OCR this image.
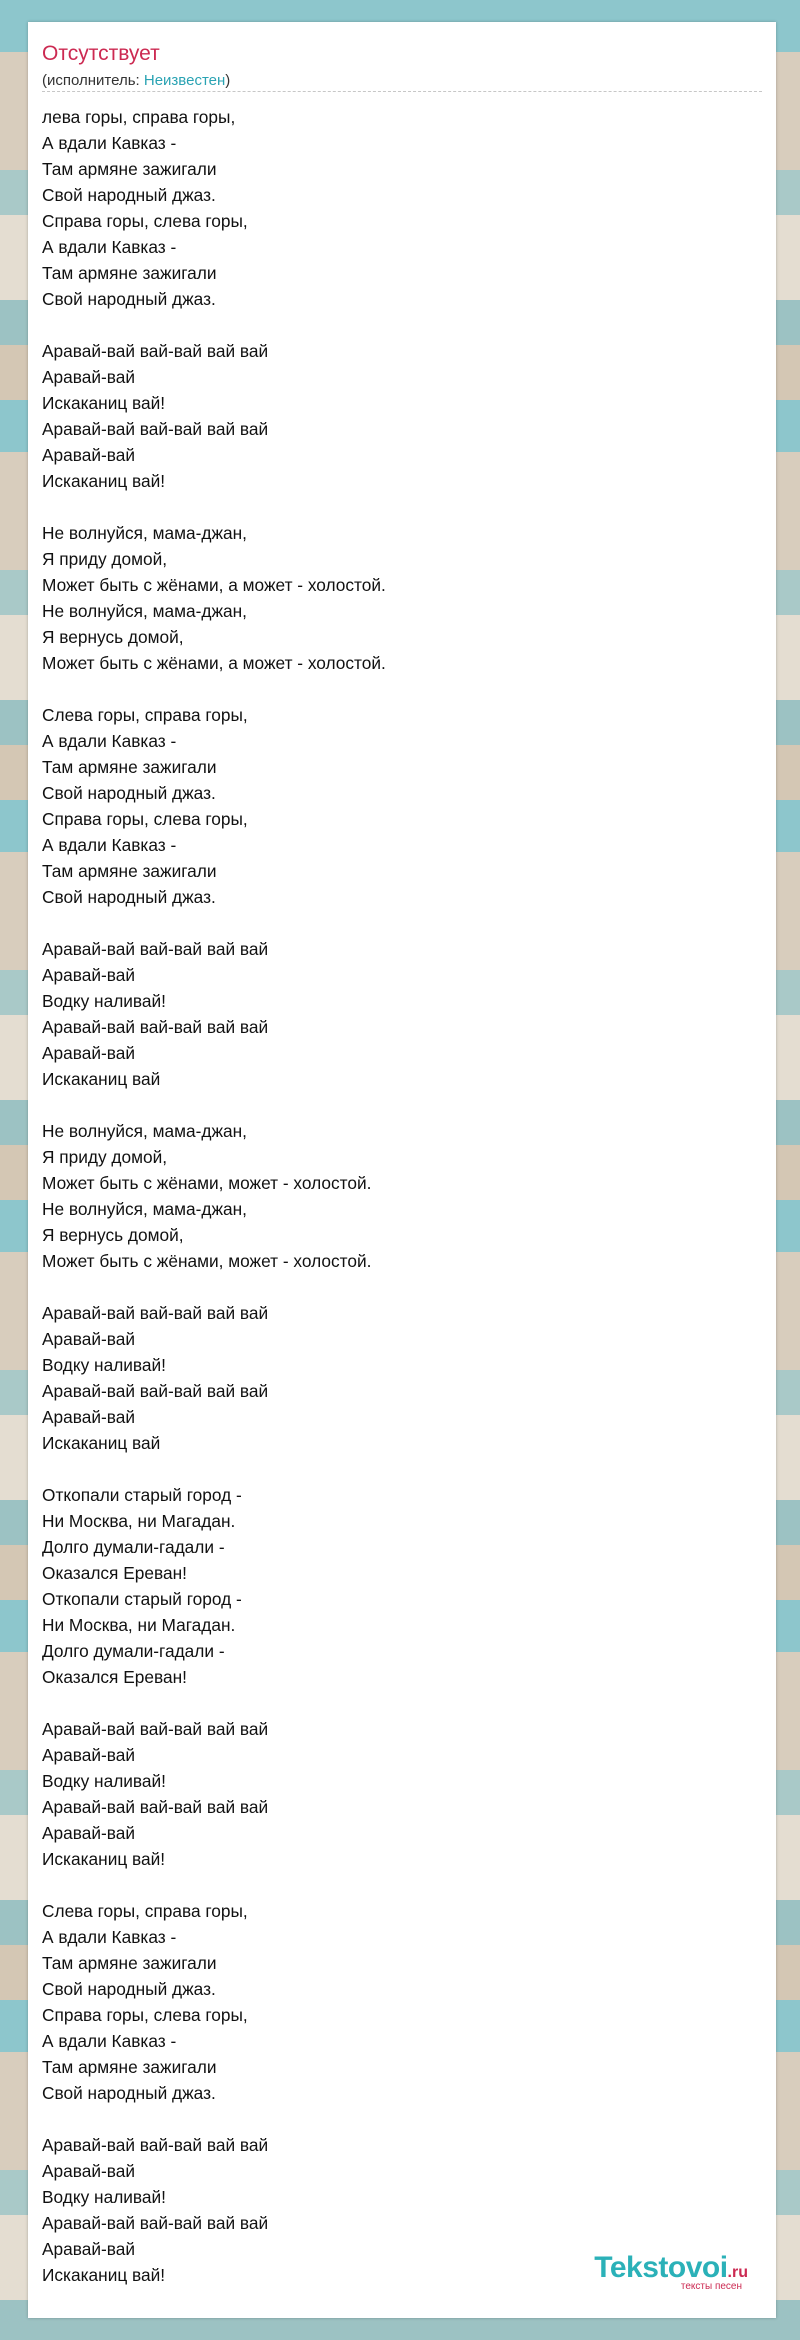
Отсутствует
(исполнитель: Неизвестен)
лева горы, справа горы,
А вдали Кавказ -
Там армяне зажигали
Свой народный джаз.
Справа горы, слева горы,
А вдали Кавказ -
Там армяне зажигали
Свой народный джаз.

Аравай-вай вай-вай вай вай
Аравай-вай
Искаканиц вай!
Аравай-вай вай-вай вай вай
Аравай-вай
Искаканиц вай!

Не волнуйся, мама-джан,
Я приду домой,
Может быть с жёнами, а может - холостой.
Не волнуйся, мама-джан,
Я вернусь домой,
Может быть с жёнами, а может - холостой.

Слева горы, справа горы,
А вдали Кавказ -
Там армяне зажигали
Свой народный джаз.
Справа горы, слева горы,
А вдали Кавказ -
Там армяне зажигали
Свой народный джаз.

Аравай-вай вай-вай вай вай
Аравай-вай
Водку наливай!
Аравай-вай вай-вай вай вай
Аравай-вай
Искаканиц вай

Не волнуйся, мама-джан,
Я приду домой,
Может быть с жёнами, может - холостой.
Не волнуйся, мама-джан,
Я вернусь домой,
Может быть с жёнами, может - холостой.

Аравай-вай вай-вай вай вай
Аравай-вай
Водку наливай!
Аравай-вай вай-вай вай вай
Аравай-вай
Искаканиц вай

Откопали старый город -
Ни Москва, ни Магадан.
Долго думали-гадали -
Оказался Ереван!
Откопали старый город -
Ни Москва, ни Магадан.
Долго думали-гадали -
Оказался Ереван!

Аравай-вай вай-вай вай вай
Аравай-вай
Водку наливай!
Аравай-вай вай-вай вай вай
Аравай-вай
Искаканиц вай!

Слева горы, справа горы,
А вдали Кавказ -
Там армяне зажигали
Свой народный джаз.
Справа горы, слева горы,
А вдали Кавказ -
Там армяне зажигали
Свой народный джаз.

Аравай-вай вай-вай вай вай
Аравай-вай
Водку наливай!
Аравай-вай вай-вай вай вай
Аравай-вай
Искаканиц вай!	Tekstovoi.ru
тексты песен
